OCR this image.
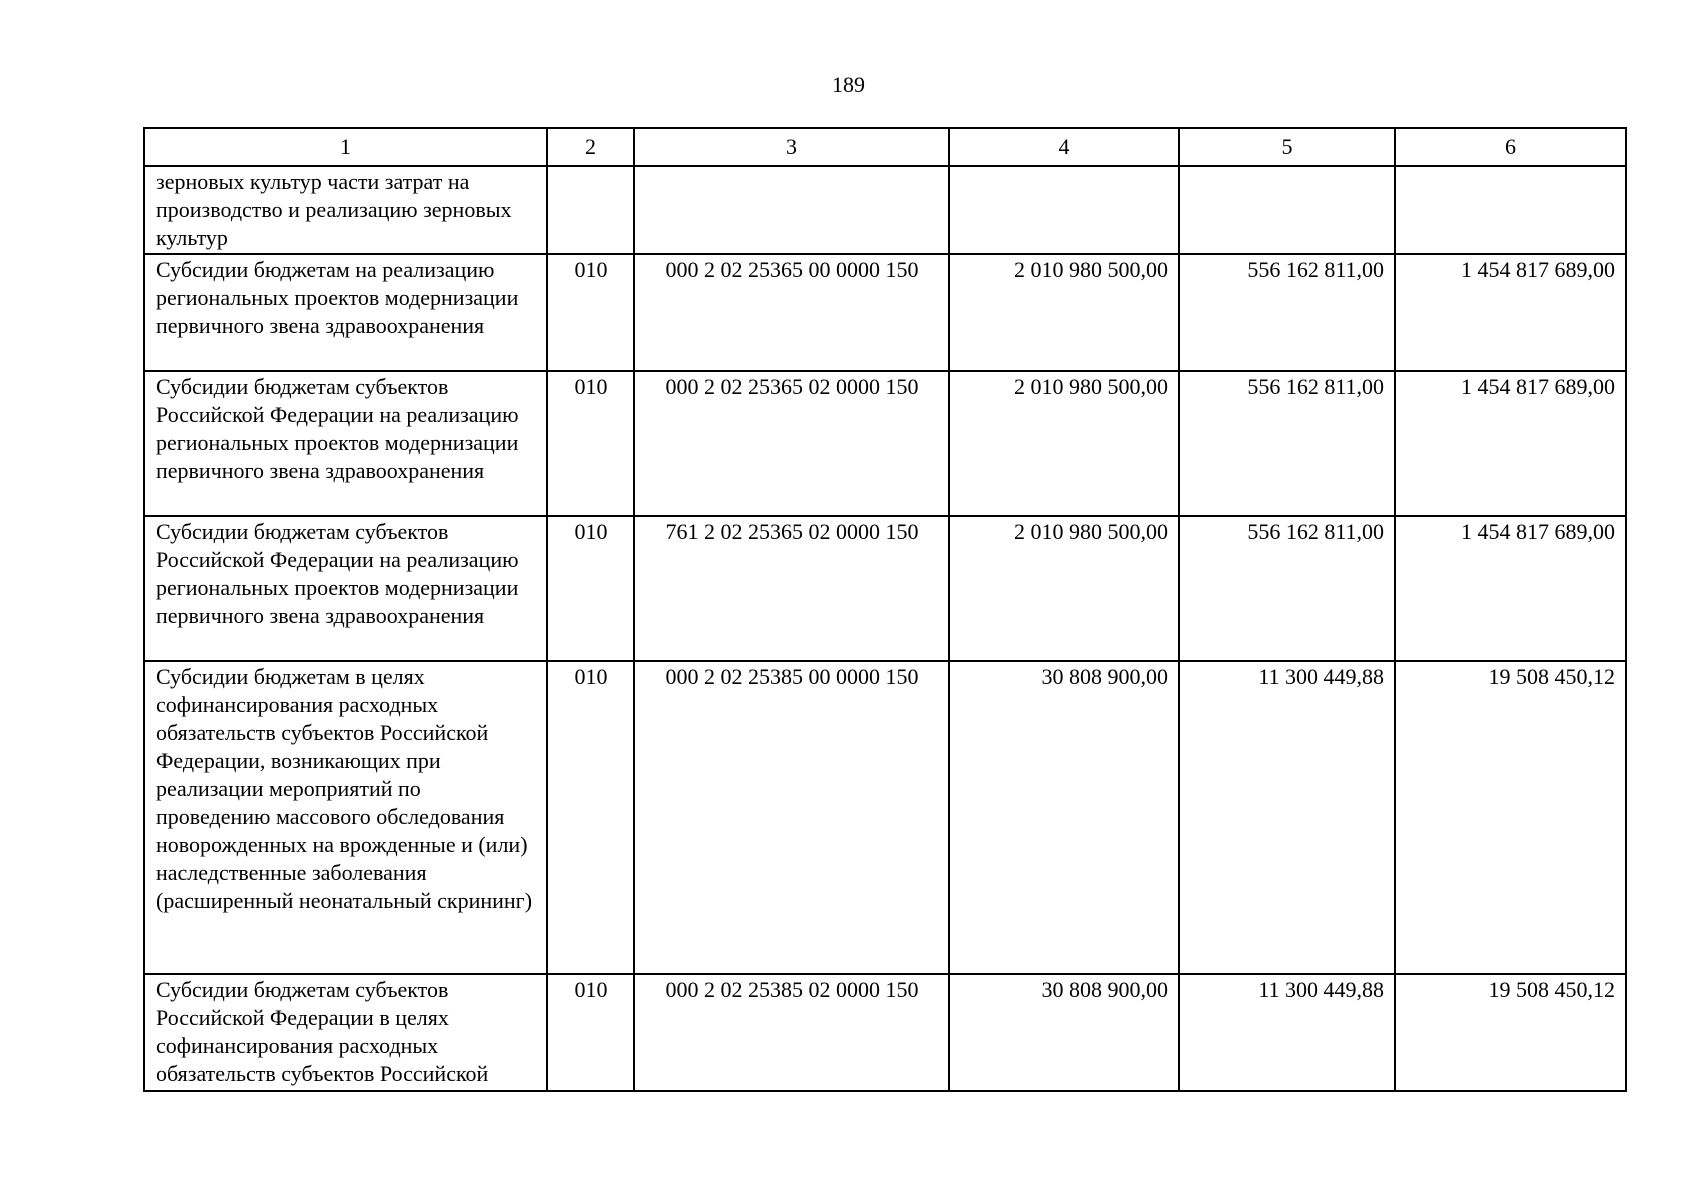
189
1	2	3	4	5	6
зерновых культур части затрат на производство и реализацию зерновых культур					
Субсидии бюджетам на реализацию региональных проектов модернизации первичного звена здравоохранения	010	000 2 02 25365 00 0000 150	2 010 980 500,00	556 162 811,00	1 454 817 689,00
Субсидии бюджетам субъектов Российской Федерации на реализацию региональных проектов модернизации первичного звена здравоохранения	010	000 2 02 25365 02 0000 150	2 010 980 500,00	556 162 811,00	1 454 817 689,00
Субсидии бюджетам субъектов Российской Федерации на реализацию региональных проектов модернизации первичного звена здравоохранения	010	761 2 02 25365 02 0000 150	2 010 980 500,00	556 162 811,00	1 454 817 689,00
Субсидии бюджетам в целях софинансирования расходных обязательств субъектов Российской Федерации, возникающих при реализации мероприятий по проведению массового обследования новорожденных на врожденные и (или) наследственные заболевания (расширенный неонатальный скрининг)	010	000 2 02 25385 00 0000 150	30 808 900,00	11 300 449,88	19 508 450,12
Субсидии бюджетам субъектов Российской Федерации в целях софинансирования расходных обязательств субъектов Российской	010	000 2 02 25385 02 0000 150	30 808 900,00	11 300 449,88	19 508 450,12
